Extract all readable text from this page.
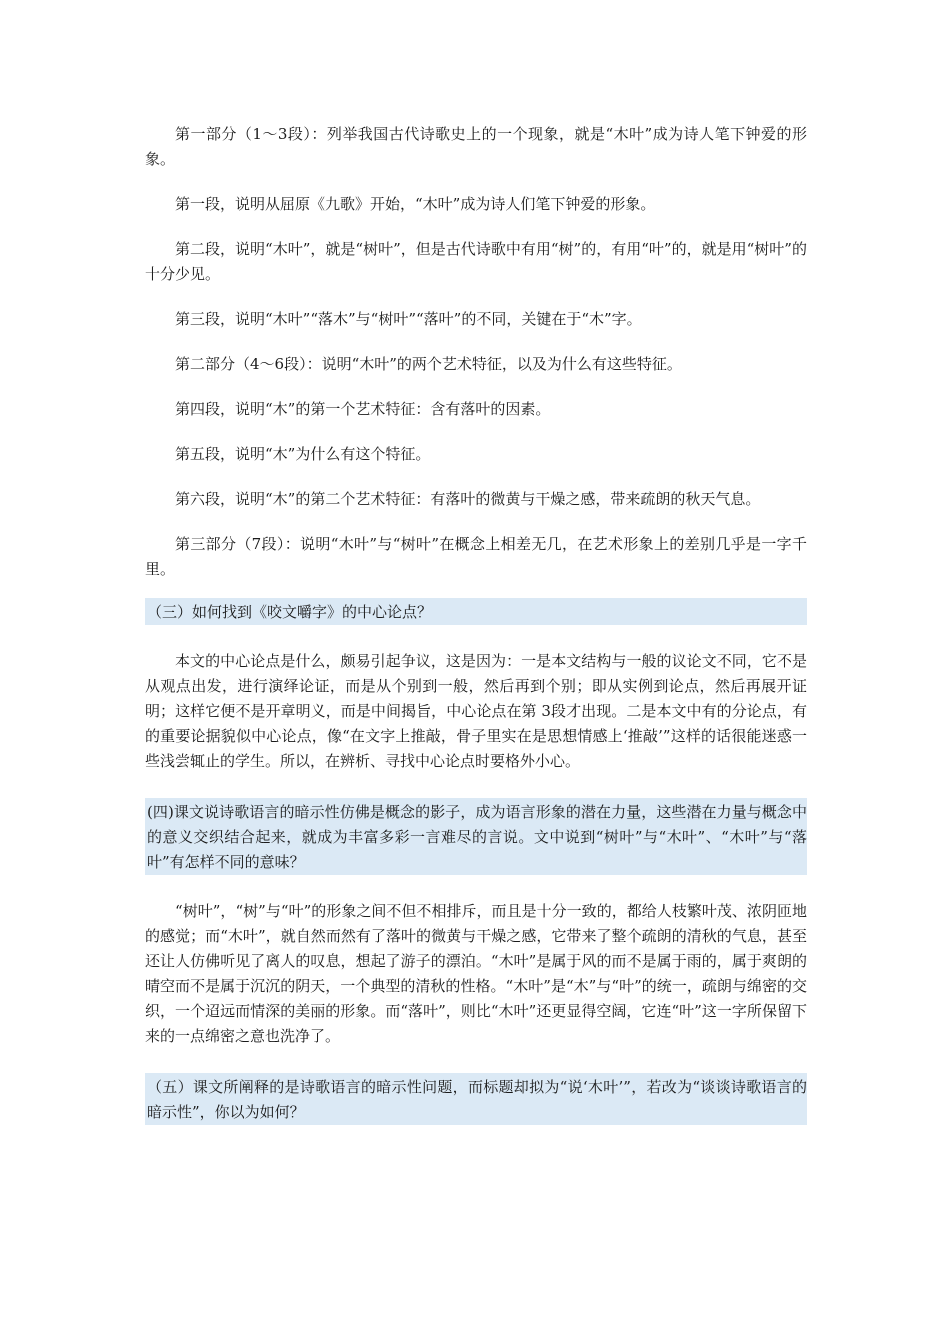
第一部分（1～3段）：列举我国古代诗歌史上的一个现象，就是“木叶”成为诗人笔下钟爱的形象。

第一段，说明从屈原《九歌》开始，“木叶”成为诗人们笔下钟爱的形象。

第二段，说明“木叶”，就是“树叶”，但是古代诗歌中有用“树”的，有用“叶”的，就是用“树叶”的十分少见。

第三段，说明“木叶”“落木”与“树叶”“落叶”的不同，关键在于“木”字。

第二部分（4～6段）：说明“木叶”的两个艺术特征，以及为什么有这些特征。

第四段，说明“木”的第一个艺术特征：含有落叶的因素。

第五段，说明“木”为什么有这个特征。

第六段，说明“木”的第二个艺术特征：有落叶的微黄与干燥之感，带来疏朗的秋天气息。

第三部分（7段）：说明“木叶”与“树叶”在概念上相差无几，在艺术形象上的差别几乎是一字千里。

（三）如何找到《咬文嚼字》的中心论点？

本文的中心论点是什么，颇易引起争议，这是因为：一是本文结构与一般的议论文不同，它不是从观点出发，进行演绎论证，而是从个别到一般，然后再到个别；即从实例到论点，然后再展开证明；这样它便不是开章明义，而是中间揭旨，中心论点在第 3段才出现。二是本文中有的分论点，有的重要论据貌似中心论点，像“在文字上推敲，骨子里实在是思想情感上‘推敲’”这样的话很能迷惑一些浅尝辄止的学生。所以，在辨析、寻找中心论点时要格外小心。

(四)课文说诗歌语言的暗示性仿佛是概念的影子，成为语言形象的潜在力量，这些潜在力量与概念中的意义交织结合起来，就成为丰富多彩一言难尽的言说。文中说到“树叶”与“木叶”、“木叶”与“落叶”有怎样不同的意味？

“树叶”，“树”与“叶”的形象之间不但不相排斥，而且是十分一致的，都给人枝繁叶茂、浓阴匝地的感觉；而“木叶”，就自然而然有了落叶的微黄与干燥之感，它带来了整个疏朗的清秋的气息，甚至还让人仿佛听见了离人的叹息，想起了游子的漂泊。“木叶”是属于风的而不是属于雨的，属于爽朗的晴空而不是属于沉沉的阴天，一个典型的清秋的性格。“木叶”是“木”与“叶”的统一，疏朗与绵密的交织，一个迢远而情深的美丽的形象。而“落叶”，则比“木叶”还更显得空阔，它连“叶”这一字所保留下来的一点绵密之意也洗净了。

（五）课文所阐释的是诗歌语言的暗示性问题，而标题却拟为“说‘木叶’”，若改为“谈谈诗歌语言的暗示性”，你以为如何？
